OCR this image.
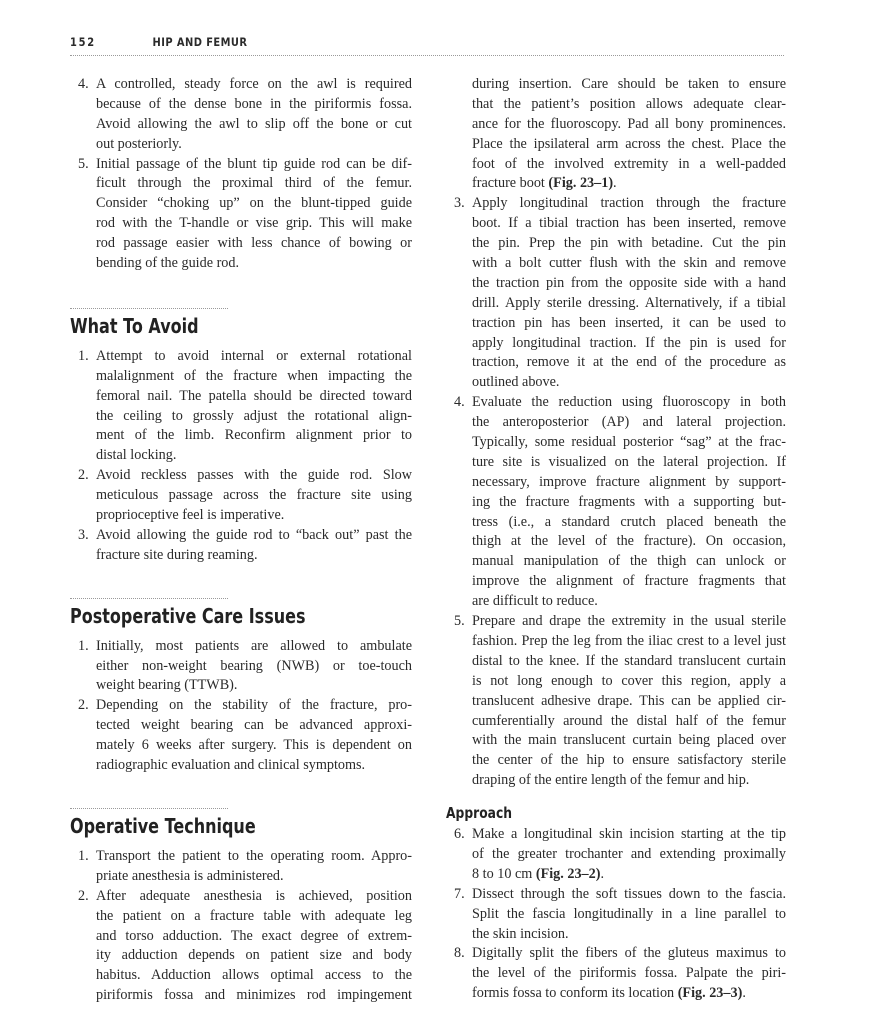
152	HIP AND FEMUR
4. A controlled, steady force on the awl is required
because of the dense bone in the piriformis fossa.
Avoid allowing the awl to slip off the bone or cut
out posteriorly.
5. Initial passage of the blunt tip guide rod can be dif-
ficult through the proximal third of the femur.
Consider “choking up” on the blunt-tipped guide
rod with the T-handle or vise grip. This will make
rod passage easier with less chance of bowing or
bending of the guide rod.
What To Avoid
1. Attempt to avoid internal or external rotational
malalignment of the fracture when impacting the
femoral nail. The patella should be directed toward
the ceiling to grossly adjust the rotational align-
ment of the limb. Reconfirm alignment prior to
distal locking.
2. Avoid reckless passes with the guide rod. Slow
meticulous passage across the fracture site using
proprioceptive feel is imperative.
3. Avoid allowing the guide rod to “back out” past the
fracture site during reaming.
Postoperative Care Issues
1. Initially, most patients are allowed to ambulate
either non-weight bearing (NWB) or toe-touch
weight bearing (TTWB).
2. Depending on the stability of the fracture, pro-
tected weight bearing can be advanced approxi-
mately 6 weeks after surgery. This is dependent on
radiographic evaluation and clinical symptoms.
Operative Technique
1. Transport the patient to the operating room. Appro-
priate anesthesia is administered.
2. After adequate anesthesia is achieved, position
the patient on a fracture table with adequate leg
and torso adduction. The exact degree of extrem-
ity adduction depends on patient size and body
habitus. Adduction allows optimal access to the
piriformis fossa and minimizes rod impingement
during insertion. Care should be taken to ensure
that the patient’s position allows adequate clear-
ance for the fluoroscopy. Pad all bony prominences.
Place the ipsilateral arm across the chest. Place the
foot of the involved extremity in a well-padded
fracture boot (Fig. 23–1).
3. Apply longitudinal traction through the fracture
boot. If a tibial traction has been inserted, remove
the pin. Prep the pin with betadine. Cut the pin
with a bolt cutter flush with the skin and remove
the traction pin from the opposite side with a hand
drill. Apply sterile dressing. Alternatively, if a tibial
traction pin has been inserted, it can be used to
apply longitudinal traction. If the pin is used for
traction, remove it at the end of the procedure as
outlined above.
4. Evaluate the reduction using fluoroscopy in both
the anteroposterior (AP) and lateral projection.
Typically, some residual posterior “sag” at the frac-
ture site is visualized on the lateral projection. If
necessary, improve fracture alignment by support-
ing the fracture fragments with a supporting but-
tress (i.e., a standard crutch placed beneath the
thigh at the level of the fracture). On occasion,
manual manipulation of the thigh can unlock or
improve the alignment of fracture fragments that
are difficult to reduce.
5. Prepare and drape the extremity in the usual sterile
fashion. Prep the leg from the iliac crest to a level just
distal to the knee. If the standard translucent curtain
is not long enough to cover this region, apply a
translucent adhesive drape. This can be applied cir-
cumferentially around the distal half of the femur
with the main translucent curtain being placed over
the center of the hip to ensure satisfactory sterile
draping of the entire length of the femur and hip.
Approach
6. Make a longitudinal skin incision starting at the tip
of the greater trochanter and extending proximally
8 to 10 cm (Fig. 23–2).
7. Dissect through the soft tissues down to the fascia.
Split the fascia longitudinally in a line parallel to
the skin incision.
8. Digitally split the fibers of the gluteus maximus to
the level of the piriformis fossa. Palpate the piri-
formis fossa to conform its location (Fig. 23–3).
